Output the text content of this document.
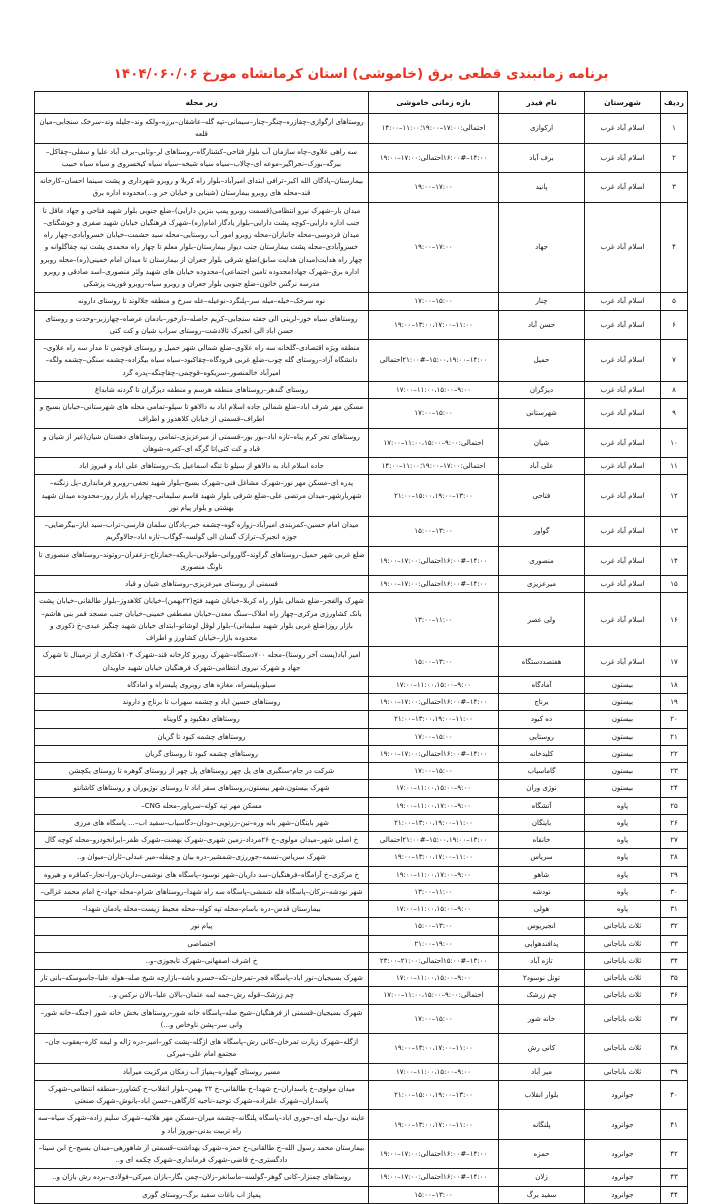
برنامه زمانبندی قطعی برق (خاموشی) استان کرمانشاه مورخ ۱۴۰۴/۰۶۰/۰۶
ردیف	شهرستان	نام فیدر	بازه زمانی خاموشی	زیر محله
۱	اسلام آباد غرب	ارکوازی	احتمالی:۱۷:۰۰–۱۹:۰۰؛۱۱:۰۰–۱۴:۰۰	روستاهای ارگوازی–چقازره–چنگر–چنار–سیمانی–تپه گله–عاشقان–برزه–ولکه وند–جلیله وند–سرخک سنجابی–میان قلعه
۲	اسلام آباد غرب	برف آباد	۱۴:۰۰–۱۶:۰۰#احتمالی:۱۷:۰۰–۱۹:۰۰	سه راهی علاوی–چاه سازمان آب بلوار فتاحی–کشتارگاه–روستاهای لر–وثابی–برف آباد علیا و سفلی–چقاکل–بیرگه–بورک–نجراگیر–موعه ای–چالاب–سیاه سیاه شیخه–سیاه سیاه کیخسروی و سیاه سیاه حبیب
۳	اسلام آباد غرب	پانید	۱۷:۰۰–۱۹:۰۰	بیمارستان–پادگان الله اکبر–ترافی ابتدای امیرآباد–بلوار راه کربلا و روبرو شهرداری و پشت سینما احسان–کارخانه قند–محله های روبرو بیمارستان (شینایی و خیابان حر و...)محدوده اداره برق
۴	اسلام آباد غرب	جهاد	۱۷:۰۰–۱۹:۰۰	میدان بار–شهرک نیرو انتظامی(قسمت روبرو پمپ بنزین دارایی)–ضلع جنوبی بلوار شهید فتاحی و جهاد عاقل تا جنب اداره دارایی–کوچه پشت دارایی–بلوار یادگار امام(ره)–شهرک فرهنگیان خیابان شهید صفری و خوشگتای–میدان فردوسی–محله جانبازان–محله روبرو امور آب روستایی–محله سید حشمت–خیابان خسروآبادی–چهار راه خسروآبادی–محله پشت بیمارستان جنب دیوار بیمارستان–بلوار معلم تا چهار راه محمدی پشت تپه چقاگلوانه و چهار راه هدایت(میدان هدایت سابق)ضلع شرقی بلوار جعران از بیمارستان تا میدان امام خمینی(ره)–محله روبرو اداره برق–شهرک جهاد(محدوده تامین اجتماعی)–محدوده خیابان های شهید ولئر منصوری–اسد صادقی و روبرو مدرسه نرگس خاتون–ضلع جنوبی بلوار جعران و روبرو سیاه–روبرو فوریت پزشکی
۵	اسلام آباد غرب	چنار	۱۵:۰۰–۱۷:۰۰	نوه سرخک–خیله–میله سر–پلنگرد–نوعیله–عله سرخ و منطقه جلالوند تا روستای دارونه
۶	اسلام آباد غرب	حسن آباد	۱۱:۰۰–۱۳:۰۰،۱۷:۰۰–۱۹:۰۰	روستاهای سیاه خور–لرینی الی جفته سنجابی–کریم حاصله–دارخور–بادمان عرصاه–چهارزبر–وحدت و روستای حسن اباد الی انجیرک ئالادشت–روستای سراب شیان و کت کتی
۷	اسلام آباد غرب	حمیل	۱۴:۰۰–۱۵:۰۰،۱۹:۰۰–۲۱:۰۰#احتمالی	منطقه ویژه اقتصادی–گلخانه سه راه علاوی–ضلع شمالی شهر حمیل و روستای قوچمی تا مدار سه راه علاوی–دانشگاه آزاد–روستای گله چوب–ضلع غربی فرودگاه–چقاکبود–سیاه سیاه بیگزاده–چشمه سنگی–چشمه ولگه–امیرآباد خالمنصور–سریکوه–قوچمی–چقاچنگه–پدره گرد
۸	اسلام آباد غرب	دیزگران	۹:۰۰–۱۱:۰۰،۱۵:۰۰–۱۷:۰۰	روستای گندهر–روستاهای منطقه هرسم و منطقه دیزگران تا گردنه شابداغ
۹	اسلام آباد غرب	شهرستانی	۱۵:۰۰–۱۷:۰۰	مسکن مهر شرف اباد–ضلع شمالی جاده اسلام اباد به دالاهو تا سیلو–تمامی محله های شهرستانی–خیابان بسیج و اطراف–قسمتی از خیابان کلاهدوز و اطراف
۱۰	اسلام آباد غرب	شیان	احتمالی:۹:۰۰–۱۱:۰۰،۱۵:۰۰–۱۷:۰۰	روستاهای تجر کرم پناه–تازه اباد–بور بور–قسمتی از میرعزیزی–تمامی روستاهای دهستان شیان(غیر از شیان و قباد و کت کتی)تا گرگه ای–کفره–شوهان
۱۱	اسلام آباد غرب	علی آباد	احتمالی:۱۷:۰۰–۱۹:۰۰؛۱۱:۰۰–۱۴:۰۰	جاده اسلام اباد به دالاهو از سیلو تا تنگه اسماعیل بک–روستاهای علی اباد و فیروز اباد
۱۲	اسلام آباد غرب	فتاحی	۱۳:۰۰–۱۵:۰۰،۱۹:۰۰–۲۱:۰۰	پدره ای–مسکن مهر نور–شهرک مشاغل فنی–شهرک بسیج–بلوار شهید نجفی–روبرو فرمانداری–پل زنگنه–شهربارشهر–میدان مرتضی علی–ضلع شرقی بلوار شهید قاسم سلیمانی–چهارراه بازار روز–محدوده میدان شهید بهشتی و بلوار پیام نور
۱۳	اسلام آباد غرب	گواور	۱۳:۰۰–۱۵:۰۰	میدان امام حسین–کمربندی امیرآباد–زواره گوه–چشمه خبر–پادگان سلمان فارسی–تراب–سید ایاز–بیگرضایی–جوزه انجیرک–ترازک گسان الی گولسه–گوگاب–تازه اباد–جالاوگریم
۱۴	اسلام آباد غرب	منصوری	۱۴:۰۰–۱۶:۰۰#احتمالی:۱۷:۰۰–۱۹:۰۰	ضلع غربی شهر حمیل–روستاهای گراوند–گاوروانی–طولابی–باریکه–خمارتاج–زعفران–روتوند–روستاهای منصوری تا ناونگ منصوری
۱۵	اسلام آباد غرب	میرعزیزی	۱۴:۰۰–۱۶:۰۰#احتمالی:۱۷:۰۰–۱۹:۰۰	قسمتی از روستای میرعزیزی–روستاهای شیان و قباد
۱۶	اسلام آباد غرب	ولی عصر	۱۱:۰۰–۱۳:۰۰	شهرک والفجر–ضلع شمالی بلوار راه کربلا–خیابان شهید فتح(۲۲بهمن)–خیابان کلاهدوز–بلوار طالقانی–خیابان پشت بانک کشاورزی مرکزی–چهار راه املاک–سنگ معدن–خیابان مصطفی خمینی–خیابان جنب مسجد قمر بنی هاشم–بازار روز(ضلع غربی بلوار شهید سلیمانی)–بلوار لوقل لوشاتو–ابتدای خیابان شهید چنگیز عبدی–خ ذکوری و محدوده بازار–خیابان کشاورز و اطراف
۱۷	اسلام آباد غرب	هفتصددستگاه	۱۳:۰۰–۱۵:۰۰	امیر آباد(پست آخر روستا)–محله ۷۰۰دستگاه–شهرک روبرو کارخانه قند–شهرک ۱۰۴هکتاری از ترمینال تا شهرک جهاد و شهرک نیروی انتظامی–شهرک فرهنگیان خیابان شهید جاویدان
۱۸	بیستون	آمادگاه	۹:۰۰–۱۱:۰۰،۱۵:۰۰–۱۷:۰۰	سیلو،پلیسراه، مغازه های روبروی پلیسراه و امادگاه
۱۹	بیستون	برناج	۱۴:۰۰–۱۶:۰۰#احتمالی:۱۷:۰۰–۱۹:۰۰	روستاهای حسین اباد و چشمه سهراب تا برناج و داروند
۲۰	بیستون	ده کبود	۱۱:۰۰–۱۳:۰۰،۱۹:۰۰–۲۱:۰۰	روستاهای دهکبود و گاوپناه
۲۱	بیستون	روستایی	۱۵:۰۰–۱۷:۰۰	روستاهای چشمه کبود تا گریان
۲۲	بیستون	کلیدخانه	۱۴:۰۰–۱۶:۰۰#احتمالی:۱۷:۰۰–۱۹:۰۰	روستاهای چشمه کبود تا روستای گریان
۲۳	بیستون	گاماسیاب	۱۵:۰۰–۱۷:۰۰	شرکت در جام-سنگبری های پل چهر روستاهای پل چهر از روستای گوهره تا روستای یکچشن
۲۴	بیستون	نوژی وران	۹:۰۰–۱۱:۰۰،۱۵:۰۰–۱۷:۰۰	شهرک بیستون،شهر بیستون،روستاهای سقر اباد تا روستای نوژیوران و روستاهای کاشانتو
۲۵	پاوه	آتشگاه	۹:۰۰–۱۱:۰۰،۱۷:۰۰–۱۹:۰۰	مسکن مهر تپه کوله–سرپاور–محله CNG–
۲۶	پاوه	بایتگان	۱۱:۰۰–۱۳:۰۰،۱۹:۰۰–۲۱:۰۰	شهر بایتگان–شهر بانه وره–تین–زرتویی–دودان–دگاسیاب–سفید اب–... پاسگاه های مرزی
۲۷	پاوه	خانقاه	۱۳:۰۰–۱۵:۰۰،۱۹:۰۰–۲۱:۰۰#احتمالی	خ اصلی شهر–میدان مولوی–خ ۲۶مرداد–زمین شهری–شهرک نهضت–شهرک ظفر–ایرانخودرو–محله کوچه گال
۲۸	پاوه	سریاس	۱۱:۰۰–۱۳:۰۰،۱۷:۰۰–۱۹:۰۰	شهرک سریاس–نسمه–جوررزی–شمشیر–دره بیان و چیقله–میر عبدلی–ئاران–میوان و..
۲۹	پاوه	شاهو	۹:۰۰–۱۱:۰۰،۱۷:۰۰–۱۹:۰۰	خ مرکزی–خ آرامگاه–فرهنگیان–سد داریان–شهر نوسود–پاسگاه های نوشمی–داریان–ورا–نجار–کماقره و هیروه
۳۰	پاوه	نودشه	۱۱:۰۰–۱۳:۰۰	شهر نودشه–نرکان–پاسگاه قله شمشی–پاسگاه سه راه شهدا–روستاهای شرام–محله جهاد–خ امام محمد غزالی–
۳۱	پاوه	هولی	۹:۰۰–۱۱:۰۰،۱۵:۰۰–۱۷:۰۰	بیمارستان قدس–دره باسام–محله تپه کوله–محله محیط زیست–محله یادمان شهدا–
۳۲	ثلاث باباجانی	انجیریوس	۱۳:۰۰–۱۵:۰۰	پیام نور
۳۳	ثلاث باباجانی	پدافندهوایی	۱۹:۰۰–۲۱:۰۰	اختصاصی
۳۴	ثلاث باباجانی	تازه آباد	۱۳:۰۰–۱۵:۰۰#احتمالی:۲۱:۰۰–۲۳:۰۰	خ اشرف اصفهانی–شهرک تابجوزی–و..
۳۵	ثلاث باباجانی	تونل نوسود۲	۹:۰۰–۱۱:۰۰،۱۵:۰۰–۱۷:۰۰	شهرک بسیجیان–نور اباد–پاسگاه فجر–تمرخان–تکه–خسرو باشه–بازارچه شیخ صله–هوله علیا–جاسوسکه–بانی تار
۳۶	ثلاث باباجانی	چم زرشک	احتمالی:۹:۰۰–۱۱:۰۰،۱۵:۰۰–۱۷:۰۰	چم زرشک–قوله رش–جمه لمه عثمان–بالان علیا–بالان نرکس و..
۳۷	ثلاث باباجانی	خانه شور	۱۵:۰۰–۱۷:۰۰	شهرک بسیجیان–قسمتی از فرهنگیان–شیخ صله–پاسگاه خانه شور–روستاهای بخش خانه شور (جنگه–خانه شور–وانی سر–پشن ناوخاص و...)
۳۸	ثلاث باباجانی	کانی رش	۱۱:۰۰–۱۳:۰۰،۱۷:۰۰–۱۹:۰۰	ازگله–شهرک زیارت تمرخان–کانی رش–پاسگاه های ازگله–پشت کور–امیر–دره ژاله و لیمه کاره–یعقوب جان–مجتمع امام علی–میرکی
۳۹	ثلاث باباجانی	میر آباد	۹:۰۰–۱۱:۰۰،۱۵:۰۰–۱۷:۰۰	مسیر روستای گهواره–پمپاژ آب زمکان مرکزیت میرآباد
۴۰	جوانرود	بلوار انقلاب	۱۳:۰۰–۱۵:۰۰،۱۹:۰۰–۲۱:۰۰	میدان مولوی–خ پاسداران–خ شهدا–خ طالقانی–خ ۲۲ بهمن–بلوار انقلاب–خ کشاورز–منطقه انتظامی–شهرک پاسداران–شهرک علیزاده–شهرک توحید–ناحیه کارگاهی–حسن اباد–یانوش–شهرک صنعتی
۴۱	جوانرود	پلنگانه	۱۱:۰۰–۱۳:۰۰،۱۷:۰۰–۱۹:۰۰	عاینه دول–بیله ای–حوری اباد–پاسگاه پلنگانه–چشمه میران–مسکن مهر هلائیه–شهرک سلیم زاده–شهرک سیاه–سه راه تربیت بدنی–نوروز اباد و
۴۲	جوانرود	حمزه	۱۴:۰۰–۱۶:۰۰#احتمالی:۱۷:۰۰–۱۹:۰۰	بیمارستان محمد رسول الله–خ طالقانی–خ حمزه–شهرک بهداشت–قسمتی از شاهورهی–میدان بسیج–خ ابن سینا–دادگستری–خ قاضی–شهرک فرمانداری–شهرک چکمه ای و..
۴۳	جوانرود	زلان	۱۴:۰۰–۱۶:۰۰#احتمالی:۱۷:۰۰–۱۹:۰۰	روستاهای چمنزار–کانی گوهر–گولسه–ماسانغر–زلان–چمن بگار–بازان میرکی–فولادی–برده رش بازان و..
۴۴	جوانرود	سفید برگ	۱۳:۰۰–۱۵:۰۰	پمپاژ اب باغات سفید برگ–روستای گوری
